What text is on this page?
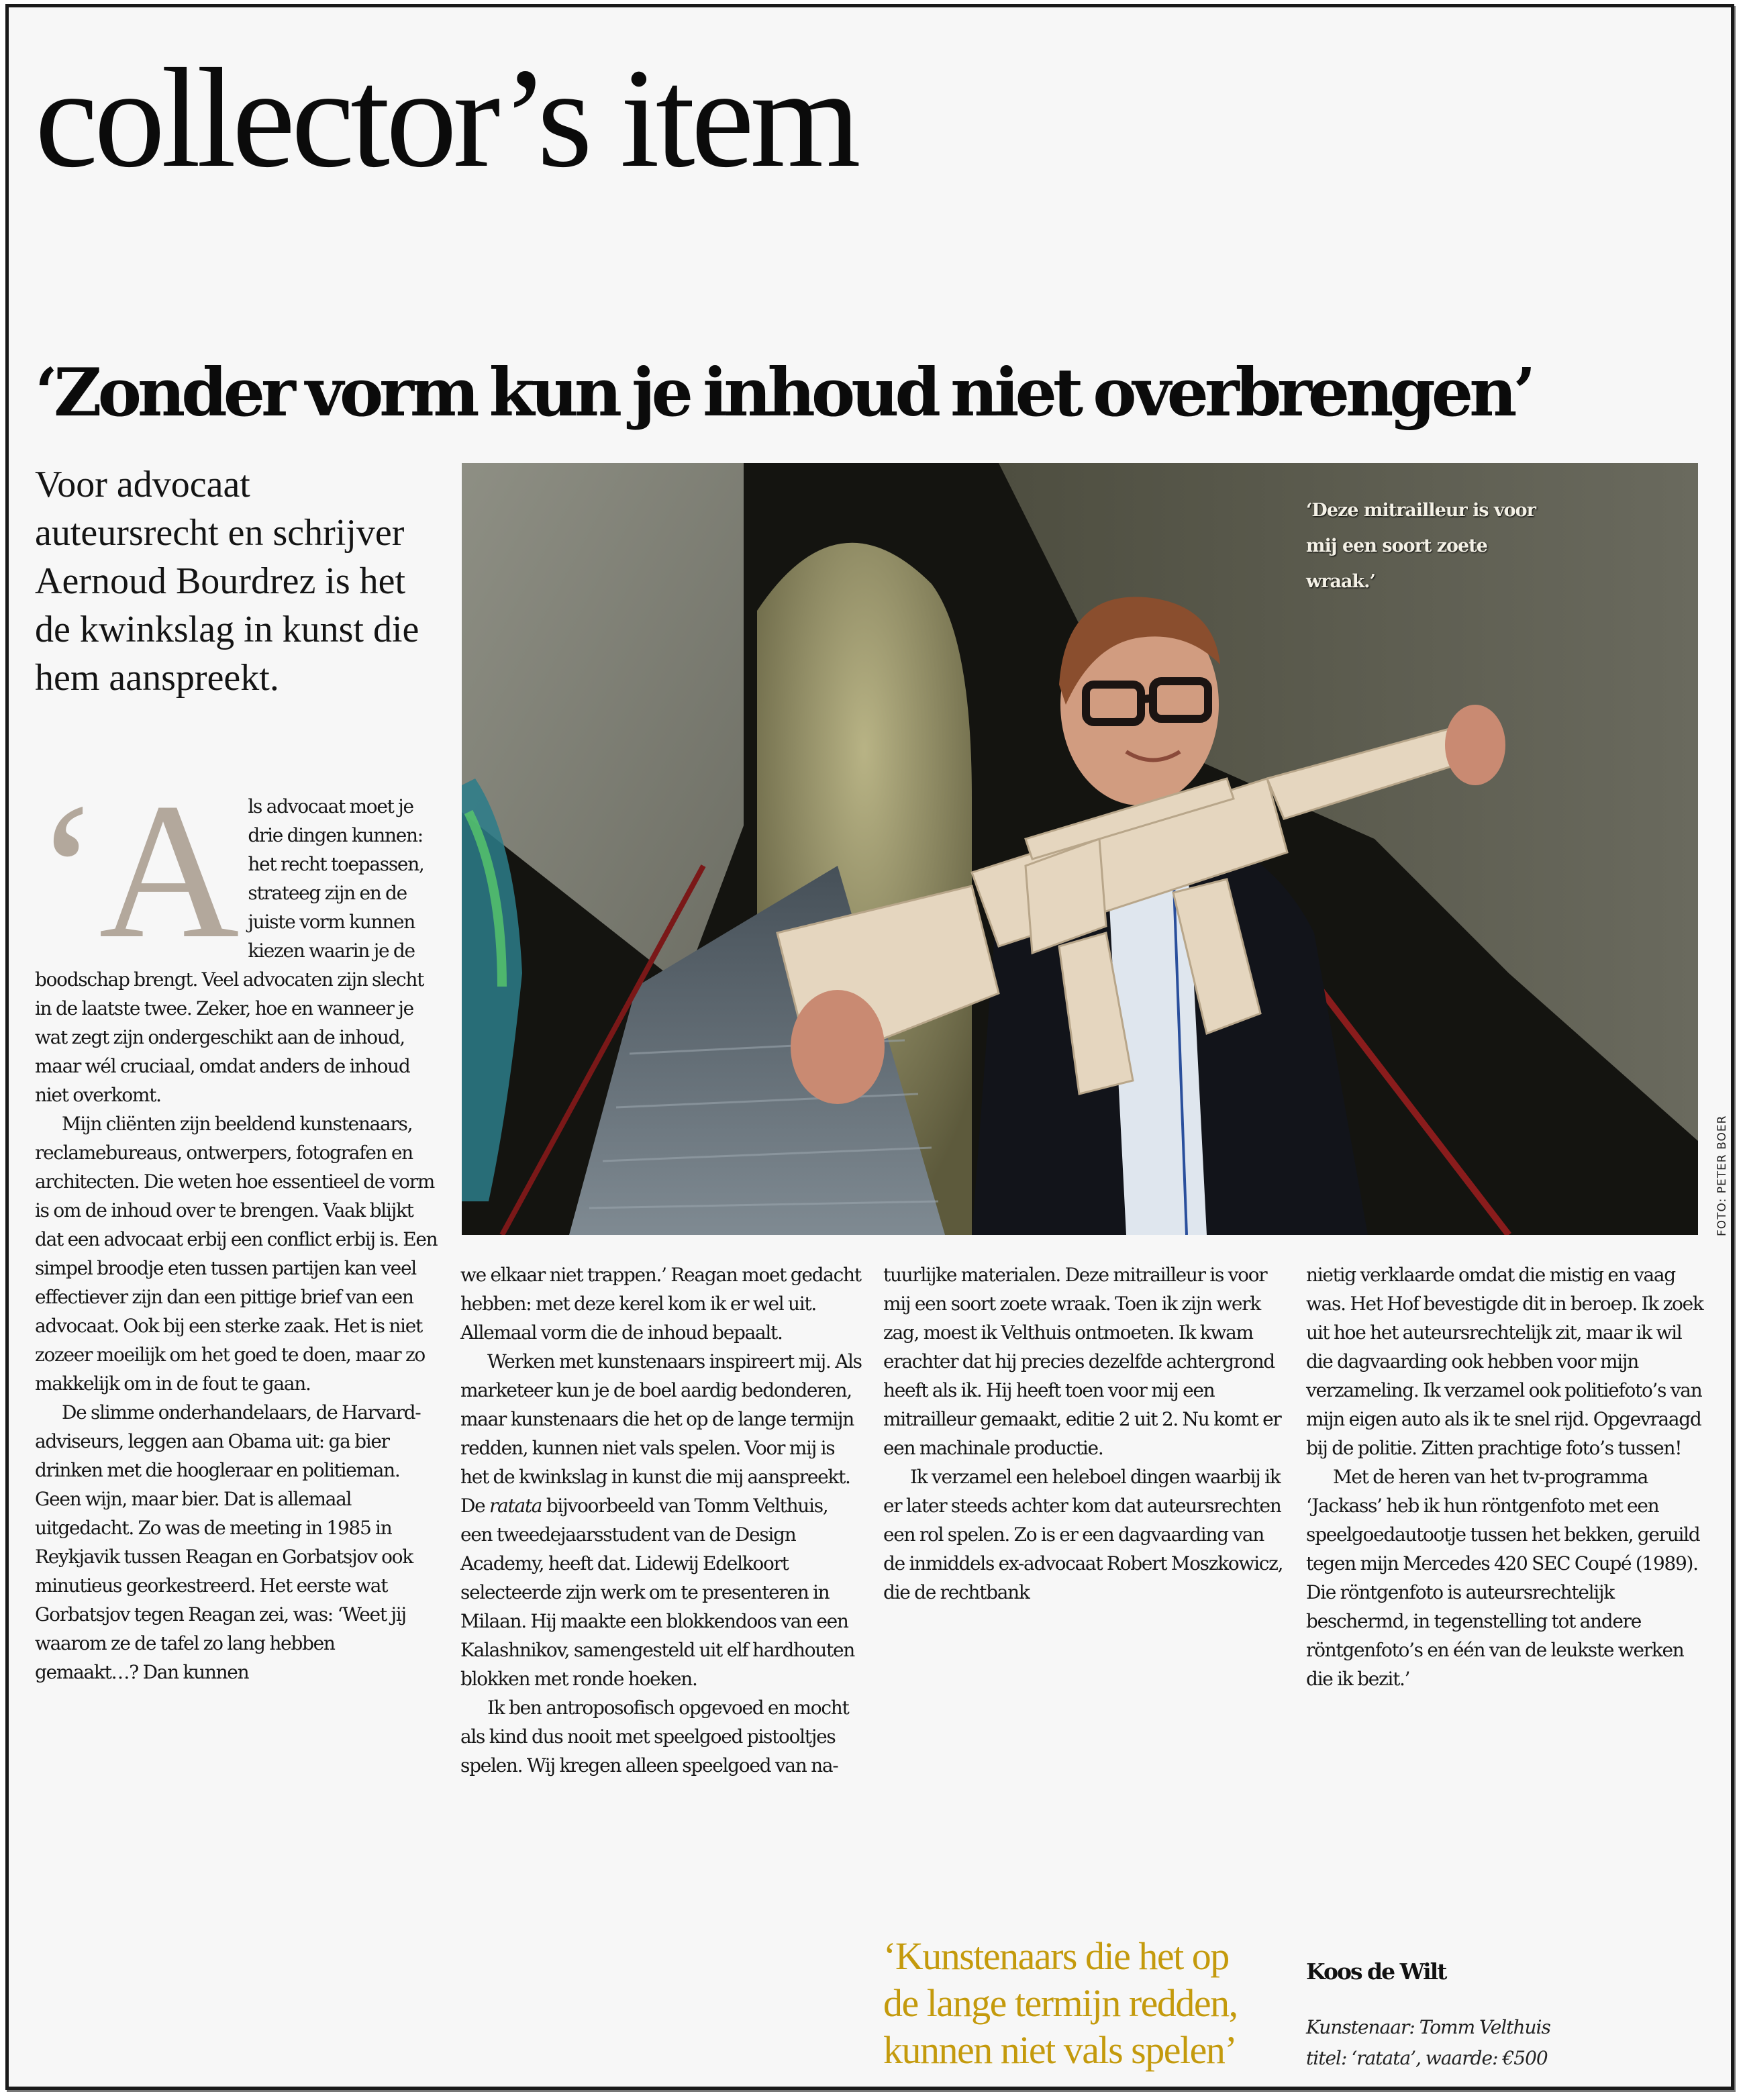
collector’s item
‘Zonder vorm kun je inhoud niet overbrengen’
Voor advocaat auteursrecht en schrijver Aernoud Bourdrez is het de kwinkslag in kunst die hem aanspreekt.
‘Deze mitrailleur is voor mij een soort zoete wraak.’
FOTO: PETER BOER

‘Als advocaat moet je drie dingen kunnen: het recht toepassen, strateeg zijn en de juiste vorm kunnen kiezen waarin je de boodschap brengt. Veel advocaten zijn slecht in de laatste twee. Zeker, hoe en wanneer je wat zegt zijn ondergeschikt aan de inhoud, maar wél cruciaal, omdat anders de inhoud niet overkomt.

Mijn cliënten zijn beeldend kunstenaars, reclamebureaus, ontwerpers, fotografen en architecten. Die weten hoe essentieel de vorm is om de inhoud over te brengen. Vaak blijkt dat een advocaat erbij een conflict erbij is. Een simpel broodje eten tussen partijen kan veel effectiever zijn dan een pittige brief van een advocaat. Ook bij een sterke zaak. Het is niet zozeer moeilijk om het goed te doen, maar zo makkelijk om in de fout te gaan.

De slimme onderhandelaars, de Harvard-adviseurs, leggen aan Obama uit: ga bier drinken met die hoogleraar en politieman. Geen wijn, maar bier. Dat is allemaal uitgedacht. Zo was de meeting in 1985 in Reykjavik tussen Reagan en Gorbatsjov ook minutieus georkestreerd. Het eerste wat Gorbatsjov tegen Reagan zei, was: ‘Weet jij waarom ze de tafel zo lang hebben gemaakt…? Dan kunnen

we elkaar niet trappen.’ Reagan moet gedacht hebben: met deze kerel kom ik er wel uit. Allemaal vorm die de inhoud bepaalt.

Werken met kunstenaars inspireert mij. Als marketeer kun je de boel aardig bedonderen, maar kunstenaars die het op de lange termijn redden, kunnen niet vals spelen. Voor mij is het de kwinkslag in kunst die mij aanspreekt.

De ratata bijvoorbeeld van Tomm Velthuis, een tweedejaarsstudent van de Design Academy, heeft dat. Lidewij Edelkoort selecteerde zijn werk om te presenteren in Milaan. Hij maakte een blokkendoos van een Kalashnikov, samengesteld uit elf hardhouten blokken met ronde hoeken.

Ik ben antroposofisch opgevoed en mocht als kind dus nooit met speelgoed pistooltjes spelen. Wij kregen alleen speelgoed van na-

tuurlijke materialen. Deze mitrailleur is voor mij een soort zoete wraak. Toen ik zijn werk zag, moest ik Velthuis ontmoeten. Ik kwam erachter dat hij precies dezelfde achtergrond heeft als ik. Hij heeft toen voor mij een mitrailleur gemaakt, editie 2 uit 2. Nu komt er een machinale productie.

Ik verzamel een heleboel dingen waarbij ik er later steeds achter kom dat auteursrechten een rol spelen. Zo is er een dagvaarding van de inmiddels ex-advocaat Robert Moszkowicz, die de rechtbank

‘Kunstenaars die het op de lange termijn redden, kunnen niet vals spelen’

nietig verklaarde omdat die mistig en vaag was. Het Hof bevestigde dit in beroep. Ik zoek uit hoe het auteursrechtelijk zit, maar ik wil die dagvaarding ook hebben voor mijn verzameling. Ik verzamel ook politiefoto’s van mijn eigen auto als ik te snel rijd. Opgevraagd bij de politie. Zitten prachtige foto’s tussen!

Met de heren van het tv-programma ‘Jackass’ heb ik hun röntgenfoto met een speelgoedautootje tussen het bekken, geruild tegen mijn Mercedes 420 SEC Coupé (1989). Die röntgenfoto is auteursrechtelijk beschermd, in tegenstelling tot andere röntgenfoto’s en één van de leukste werken die ik bezit.’

Koos de Wilt
Kunstenaar: Tomm Velthuis
titel: ‘ratata’, waarde: €500
